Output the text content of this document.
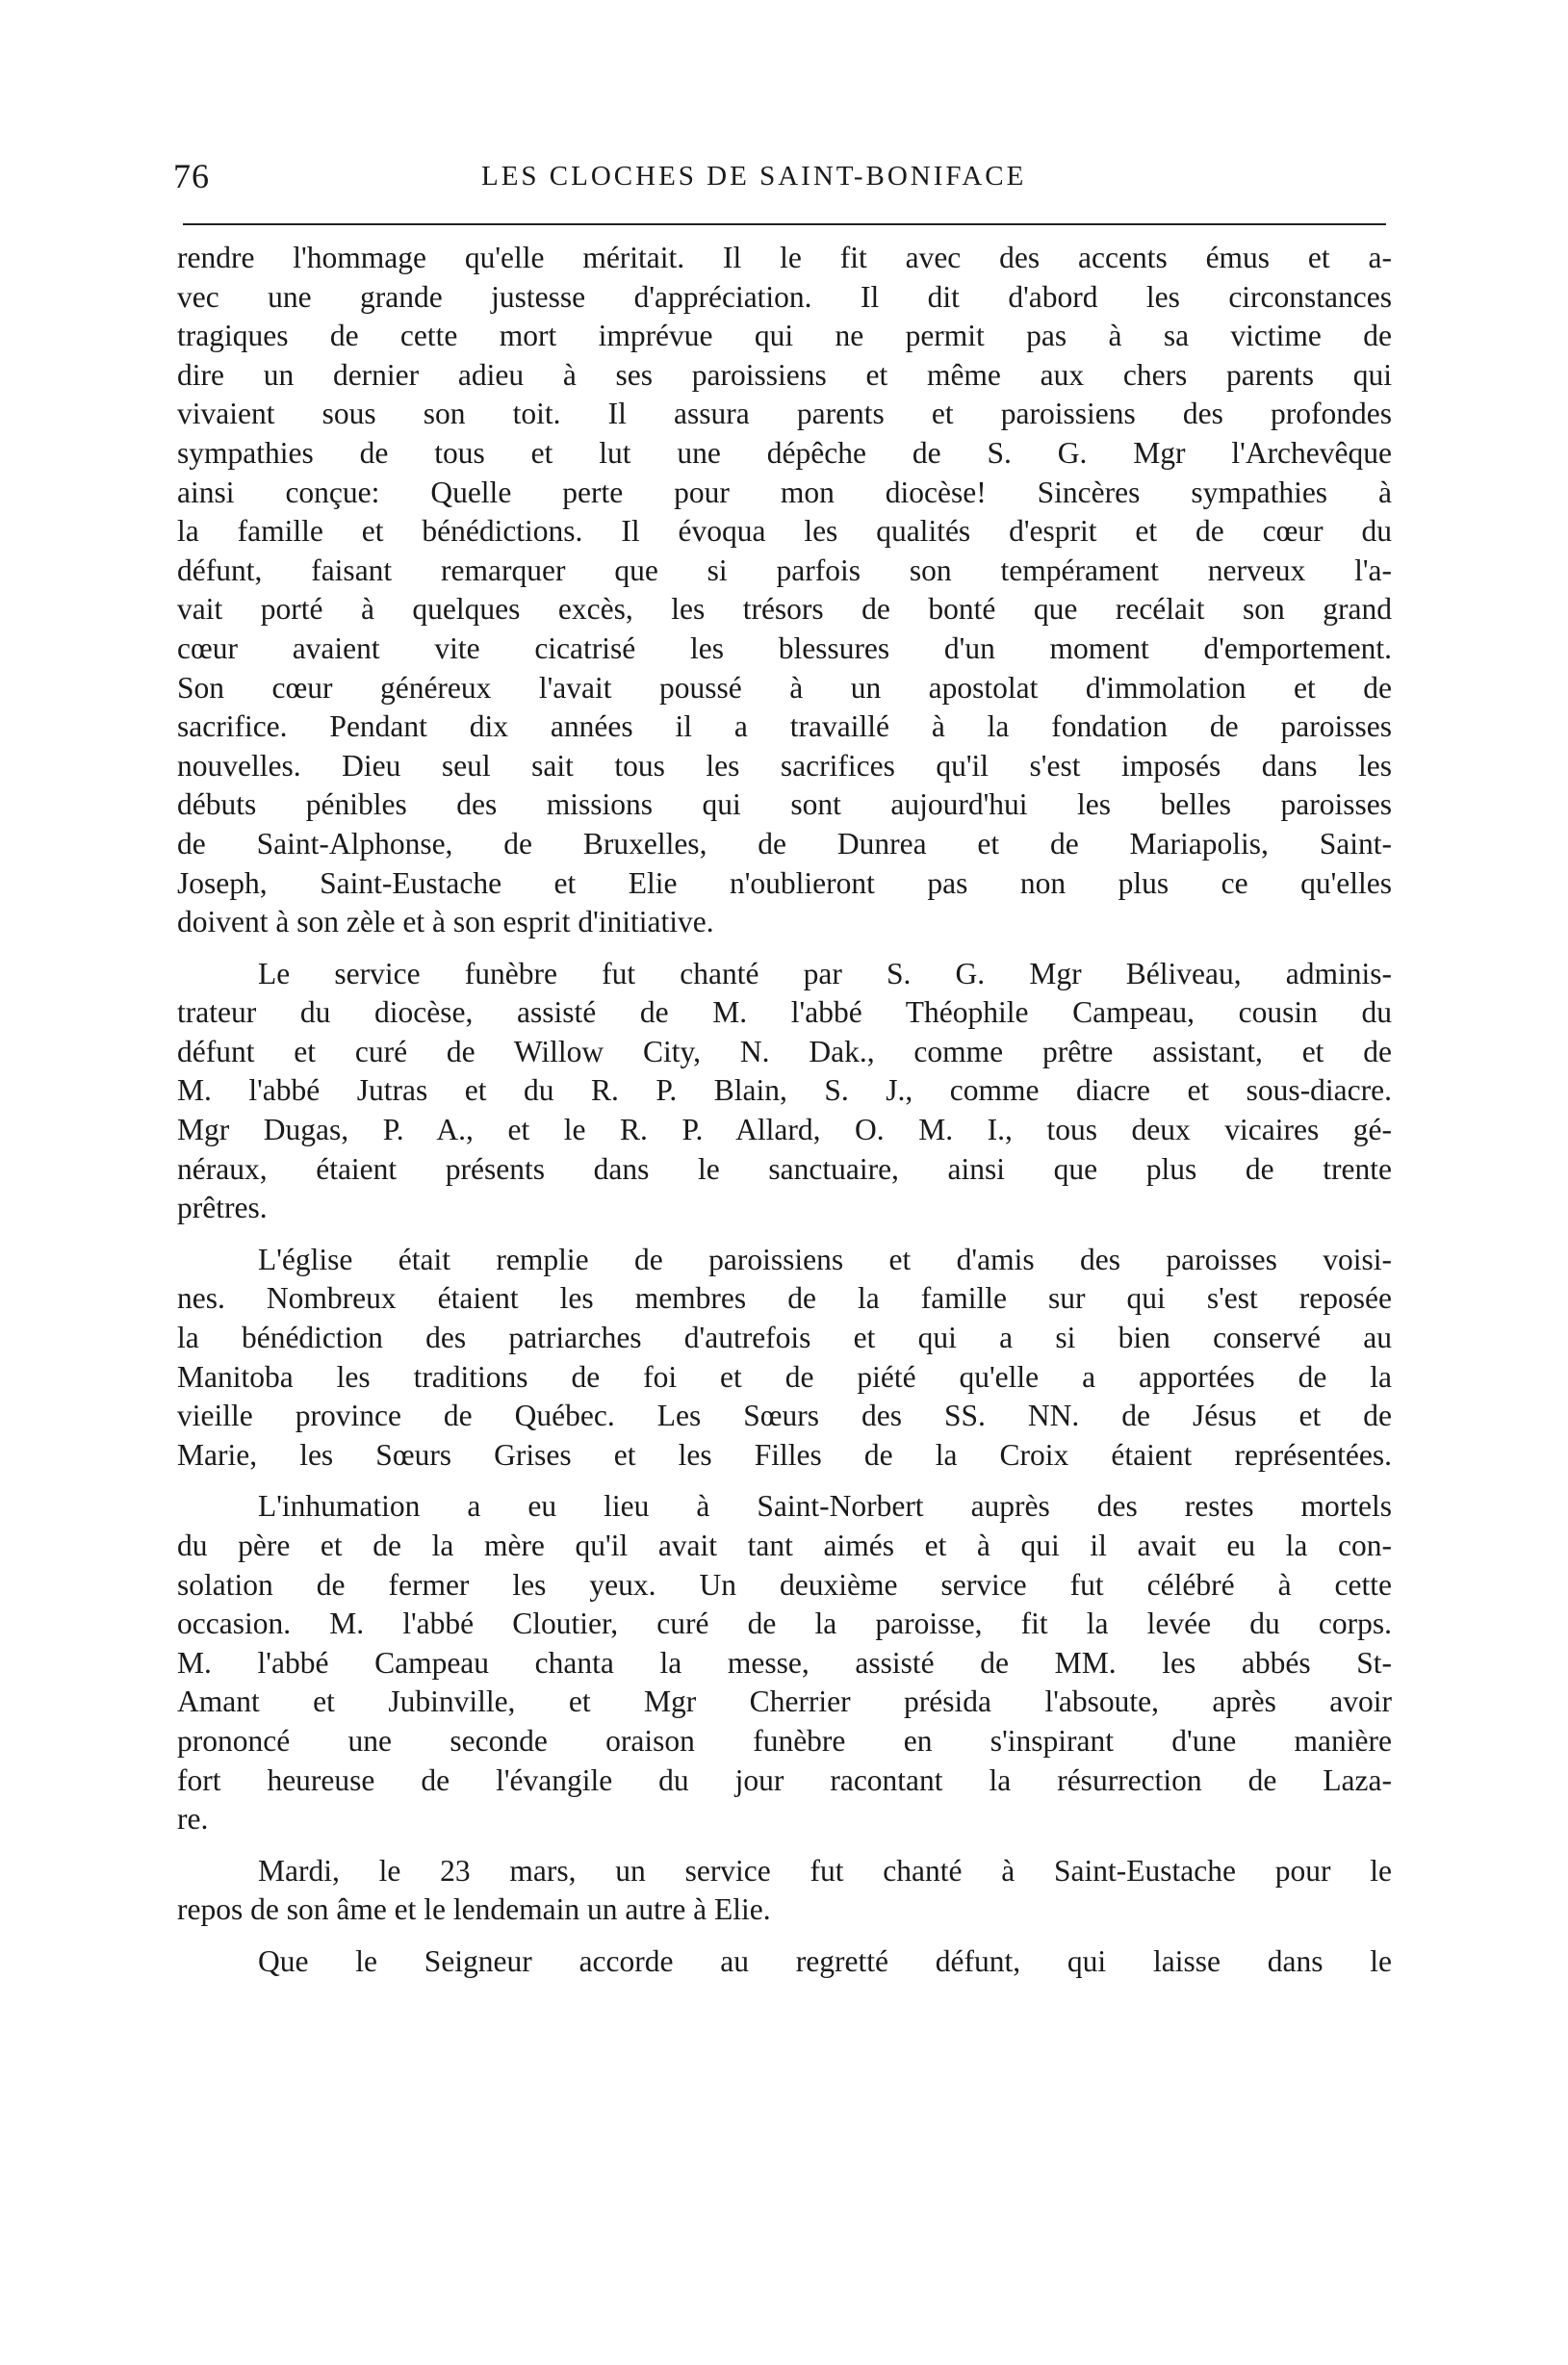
76	LES CLOCHES DE SAINT-BONIFACE
rendre l'hommage qu'elle méritait. Il le fit avec des accents émus et a-
vec une grande justesse d'appréciation. Il dit d'abord les circonstances
tragiques de cette mort imprévue qui ne permit pas à sa victime de
dire un dernier adieu à ses paroissiens et même aux chers parents qui
vivaient sous son toit. Il assura parents et paroissiens des profondes
sympathies de tous et lut une dépêche de S. G. Mgr l'Archevêque
ainsi conçue: Quelle perte pour mon diocèse! Sincères sympathies à
la famille et bénédictions. Il évoqua les qualités d'esprit et de cœur du
défunt, faisant remarquer que si parfois son tempérament nerveux l'a-
vait porté à quelques excès, les trésors de bonté que recélait son grand
cœur avaient vite cicatrisé les blessures d'un moment d'emportement.
Son cœur généreux l'avait poussé à un apostolat d'immolation et de
sacrifice. Pendant dix années il a travaillé à la fondation de paroisses
nouvelles. Dieu seul sait tous les sacrifices qu'il s'est imposés dans les
débuts pénibles des missions qui sont aujourd'hui les belles paroisses
de Saint-Alphonse, de Bruxelles, de Dunrea et de Mariapolis, Saint-
Joseph, Saint-Eustache et Elie n'oublieront pas non plus ce qu'elles
doivent à son zèle et à son esprit d'initiative.
Le service funèbre fut chanté par S. G. Mgr Béliveau, adminis-
trateur du diocèse, assisté de M. l'abbé Théophile Campeau, cousin du
défunt et curé de Willow City, N. Dak., comme prêtre assistant, et de
M. l'abbé Jutras et du R. P. Blain, S. J., comme diacre et sous-diacre.
Mgr Dugas, P. A., et le R. P. Allard, O. M. I., tous deux vicaires gé-
néraux, étaient présents dans le sanctuaire, ainsi que plus de trente
prêtres.
L'église était remplie de paroissiens et d'amis des paroisses voisi-
nes. Nombreux étaient les membres de la famille sur qui s'est reposée
la bénédiction des patriarches d'autrefois et qui a si bien conservé au
Manitoba les traditions de foi et de piété qu'elle a apportées de la
vieille province de Québec. Les Sœurs des SS. NN. de Jésus et de
Marie, les Sœurs Grises et les Filles de la Croix étaient représentées.
L'inhumation a eu lieu à Saint-Norbert auprès des restes mortels
du père et de la mère qu'il avait tant aimés et à qui il avait eu la con-
solation de fermer les yeux. Un deuxième service fut célébré à cette
occasion. M. l'abbé Cloutier, curé de la paroisse, fit la levée du corps.
M. l'abbé Campeau chanta la messe, assisté de MM. les abbés St-
Amant et Jubinville, et Mgr Cherrier présida l'absoute, après avoir
prononcé une seconde oraison funèbre en s'inspirant d'une manière
fort heureuse de l'évangile du jour racontant la résurrection de Laza-
re.
Mardi, le 23 mars, un service fut chanté à Saint-Eustache pour le
repos de son âme et le lendemain un autre à Elie.
Que le Seigneur accorde au regretté défunt, qui laisse dans le
